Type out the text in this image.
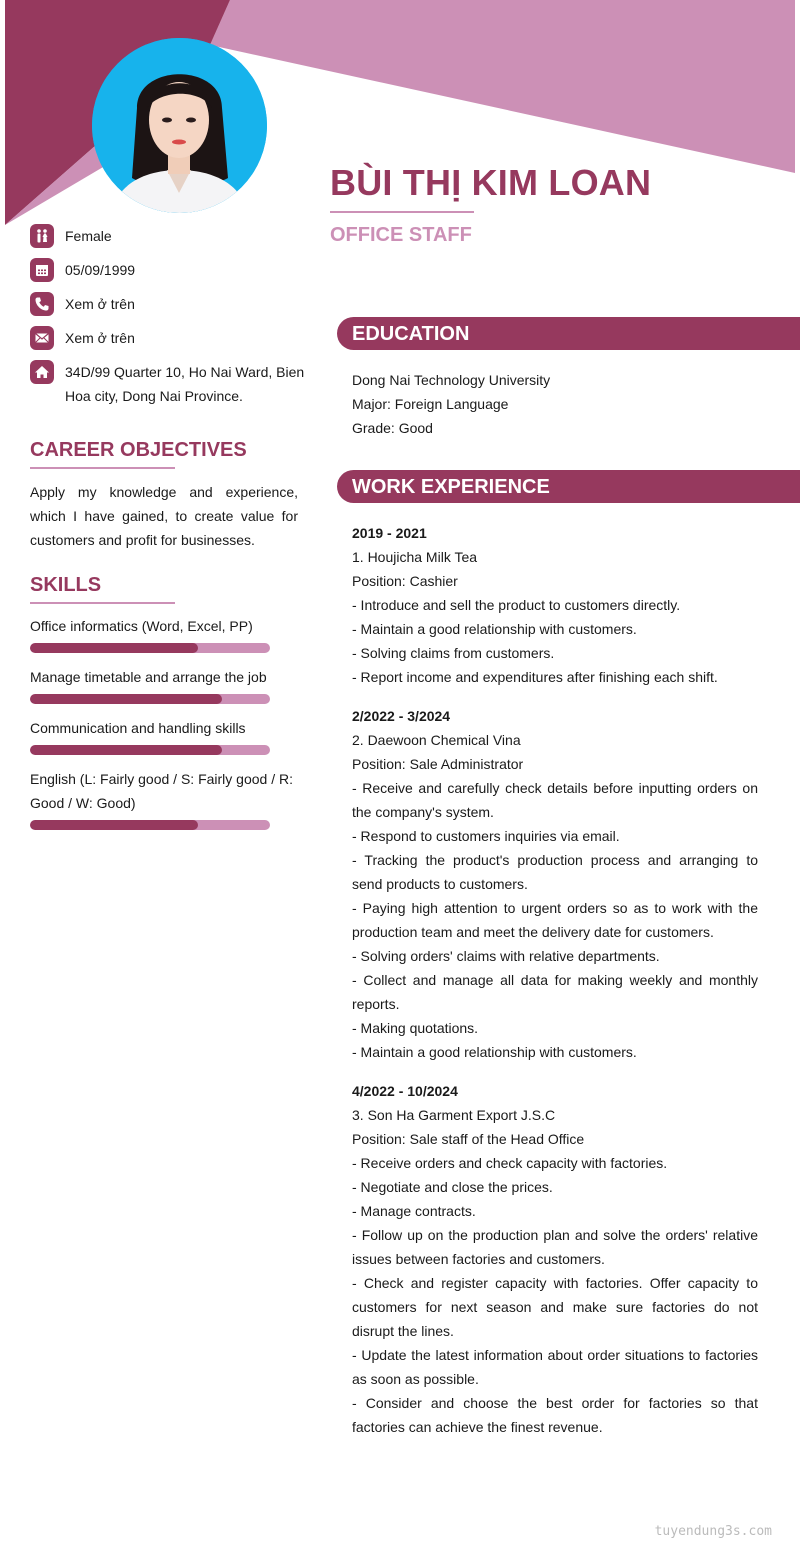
BÙI THỊ KIM LOAN
OFFICE STAFF
Female
05/09/1999
Xem ở trên
Xem ở trên
34D/99 Quarter 10, Ho Nai Ward, Bien Hoa city, Dong Nai Province.
CAREER OBJECTIVES

Apply my knowledge and experience, which I have gained, to create value for customers and profit for businesses.

SKILLS

Office informatics (Word, Excel, PP)

Manage timetable and arrange the job

Communication and handling skills

English (L: Fairly good / S: Fairly good / R: Good / W: Good)

EDUCATION
Dong Nai Technology University
Major: Foreign Language
Grade: Good
WORK EXPERIENCE
2019 - 2021
1. Houjicha Milk Tea
Position: Cashier
- Introduce and sell the product to customers directly.
- Maintain a good relationship with customers.
- Solving claims from customers.
- Report income and expenditures after finishing each shift.
2/2022 - 3/2024
2. Daewoon Chemical Vina
Position: Sale Administrator
- Receive and carefully check details before inputting orders on the company's system.
- Respond to customers inquiries via email.
- Tracking the product's production process and arranging to send products to customers.
- Paying high attention to urgent orders so as to work with the production team and meet the delivery date for customers.
- Solving orders' claims with relative departments.
- Collect and manage all data for making weekly and monthly reports.
- Making quotations.
- Maintain a good relationship with customers.
4/2022 - 10/2024
3. Son Ha Garment Export J.S.C
Position: Sale staff of the Head Office
- Receive orders and check capacity with factories.
- Negotiate and close the prices.
- Manage contracts.
- Follow up on the production plan and solve the orders' relative issues between factories and customers.
- Check and register capacity with factories. Offer capacity to customers for next season and make sure factories do not disrupt the lines.
- Update the latest information about order situations to factories as soon as possible.
- Consider and choose the best order for factories so that factories can achieve the finest revenue.
tuyendung3s.com
